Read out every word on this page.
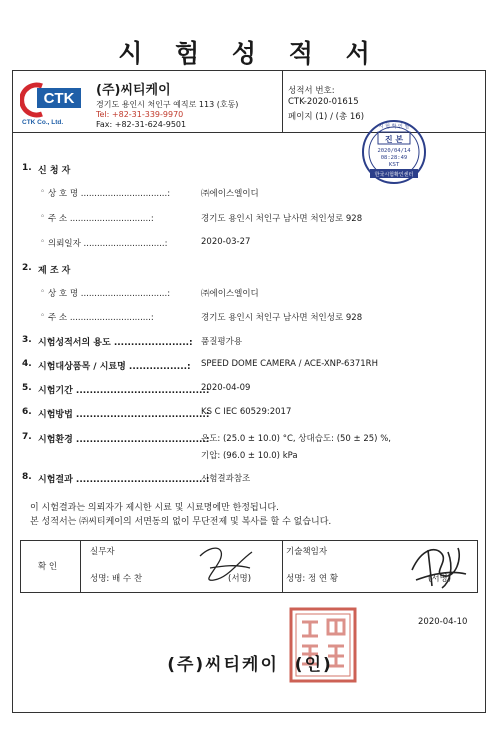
시 험 성 적 서
CTK
CTK Co., Ltd.
(주)씨티케이
경기도 용인시 처인구 예직로 113 (호동)
Tel: +82-31-339-9970
Fax: +82-31-624-9501
성적서 번호:
CTK-2020-01615
페이지 (1) / (총 16)
시 험 확 인 필
진 본
2020/04/14
08:28:49
KST
한국시험확인센터
1. 신 청 자
◦ 상 호 명 ................................:	㈜에이스엘이디
◦ 주 소 ..............................:	경기도 용인시 처인구 남사면 처인성로 928
◦ 의뢰일자 ..............................:	2020-03-27
2. 제 조 자
◦ 상 호 명 ................................:	㈜에이스엘이디
◦ 주 소 ..............................:	경기도 용인시 처인구 남사면 처인성로 928
3. 시험성적서의 용도 ......................: 품질평가용
4. 시험대상품목 / 시료명 .................: SPEED DOME CAMERA / ACE-XNP-6371RH
5. 시험기간 ......................................:
2020-04-09
6. 시험방법 ......................................:
KS C IEC 60529:2017
7. 시험환경 ......................................:
온도: (25.0 ± 10.0) °C, 상대습도: (50 ± 25) %,
기압: (96.0 ± 10.0) kPa
8. 시험결과 ......................................:
시험결과참조
이 시험결과는 의뢰자가 제시한 시료 및 시료명에만 한정됩니다.
본 성적서는 ㈜씨티케이의 서면동의 없이 무단전제 및 복사를 할 수 없습니다.
확 인
실무자
성명: 배 수 찬	(서명)
기술책임자
성명: 정 연 황	(서명)
2020-04-10
(주)씨티케이 (인)
